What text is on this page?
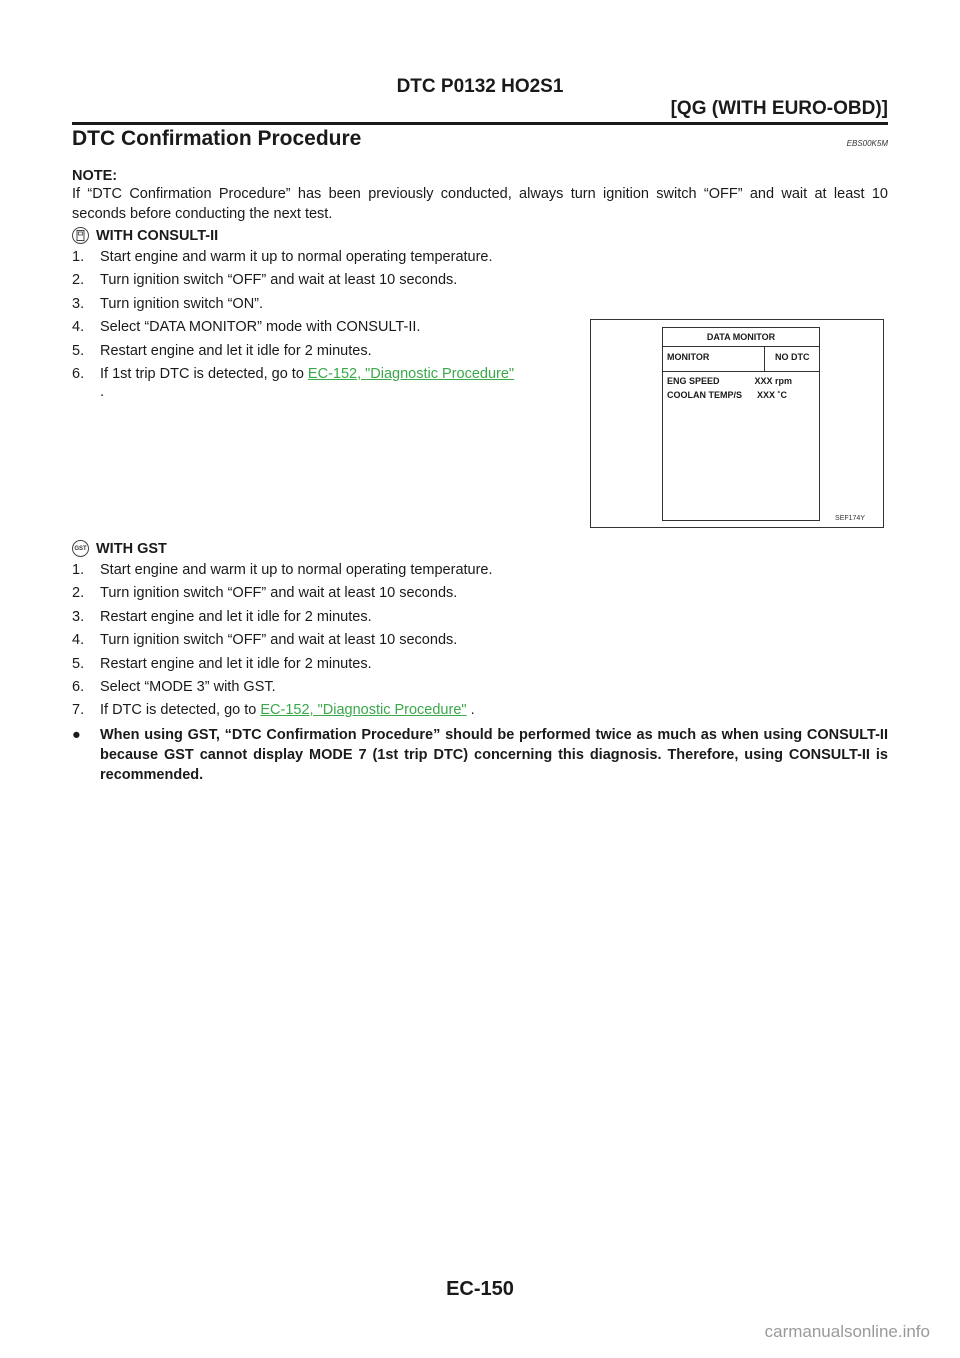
DTC P0132 HO2S1
[QG (WITH EURO-OBD)]
DTC Confirmation Procedure	EBS00K5M
NOTE:
If “DTC Confirmation Procedure” has been previously conducted, always turn ignition switch “OFF” and wait at least 10 seconds before conducting the next test.
WITH CONSULT-II
1. Start engine and warm it up to normal operating temperature.
2. Turn ignition switch “OFF” and wait at least 10 seconds.
3. Turn ignition switch “ON”.
4. Select “DATA MONITOR” mode with CONSULT-II.
5. Restart engine and let it idle for 2 minutes.
6. If 1st trip DTC is detected, go to EC-152, "Diagnostic Procedure"
.
DATA MONITOR
MONITOR	NO DTC
ENG SPEED              XXX rpm
COOLAN TEMP/S      XXX ˚C
SEF174Y
GST WITH GST
1. Start engine and warm it up to normal operating temperature.
2. Turn ignition switch “OFF” and wait at least 10 seconds.
3. Restart engine and let it idle for 2 minutes.
4. Turn ignition switch “OFF” and wait at least 10 seconds.
5. Restart engine and let it idle for 2 minutes.
6. Select “MODE 3” with GST.
7. If DTC is detected, go to EC-152, "Diagnostic Procedure" .
● When using GST, “DTC Confirmation Procedure” should be performed twice as much as when using CONSULT-II because GST cannot display MODE 7 (1st trip DTC) concerning this diagnosis. Therefore, using CONSULT-II is recommended.
EC-150
carmanualsonline.info
